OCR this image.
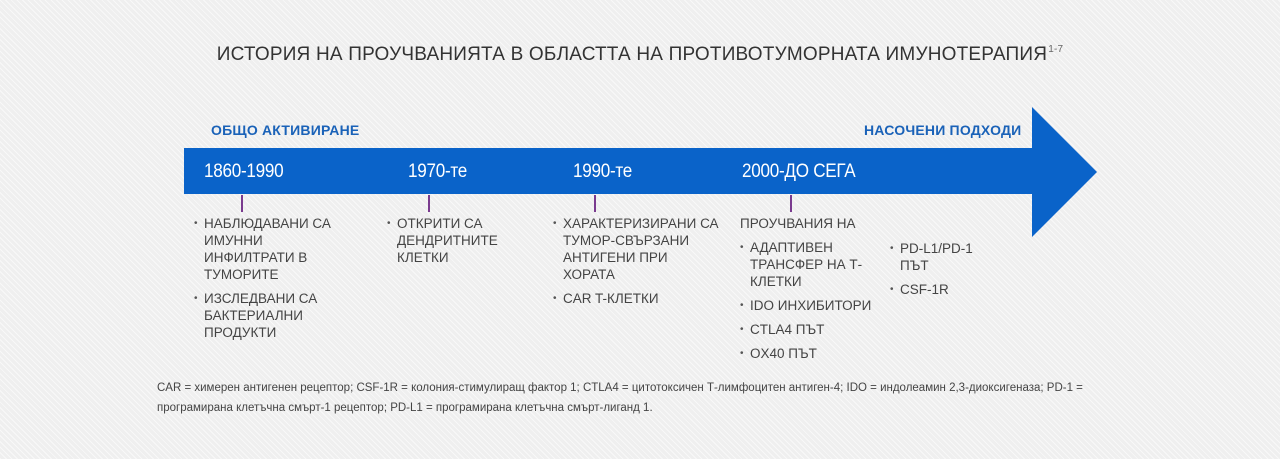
ИСТОРИЯ НА ПРОУЧВАНИЯТА В ОБЛАСТТА НА ПРОТИВОТУМОРНАТА ИМУНОТЕРАПИЯ$^{1-7}$
ОБЩО АКТИВИРАНЕ	НАСОЧЕНИ ПОДХОДИ
1860-1990	1970-те	1990-те	2000-ДО СЕГА
• НАБЛЮДАВАНИ СА ИМУННИ ИНФИЛТРАТИ В ТУМОРИТЕ
• ИЗСЛЕДВАНИ СА БАКТЕРИАЛНИ ПРОДУКТИ
• ОТКРИТИ СА ДЕНДРИТНИТЕ КЛЕТКИ
• ХАРАКТЕРИЗИРАНИ СА ТУМОР-СВЪРЗАНИ АНТИГЕНИ ПРИ ХОРАТА
• CAR T-КЛЕТКИ
ПРОУЧВАНИЯ НА
• АДАПТИВЕН ТРАНСФЕР НА Т-КЛЕТКИ
• IDO ИНХИБИТОРИ
• CTLA4 ПЪТ
• OX40 ПЪТ
• PD-L1/PD-1 ПЪТ
• CSF-1R
CAR = химерен антигенен рецептор; CSF-1R = колония-стимулиращ фактор 1; CTLA4 = цитотоксичен Т-лимфоцитен антиген-4; IDO = индолеамин 2,3-диоксигеназа; PD-1 = програмирана клетъчна смърт-1 рецептор; PD-L1 = програмирана клетъчна смърт-лиганд 1.
